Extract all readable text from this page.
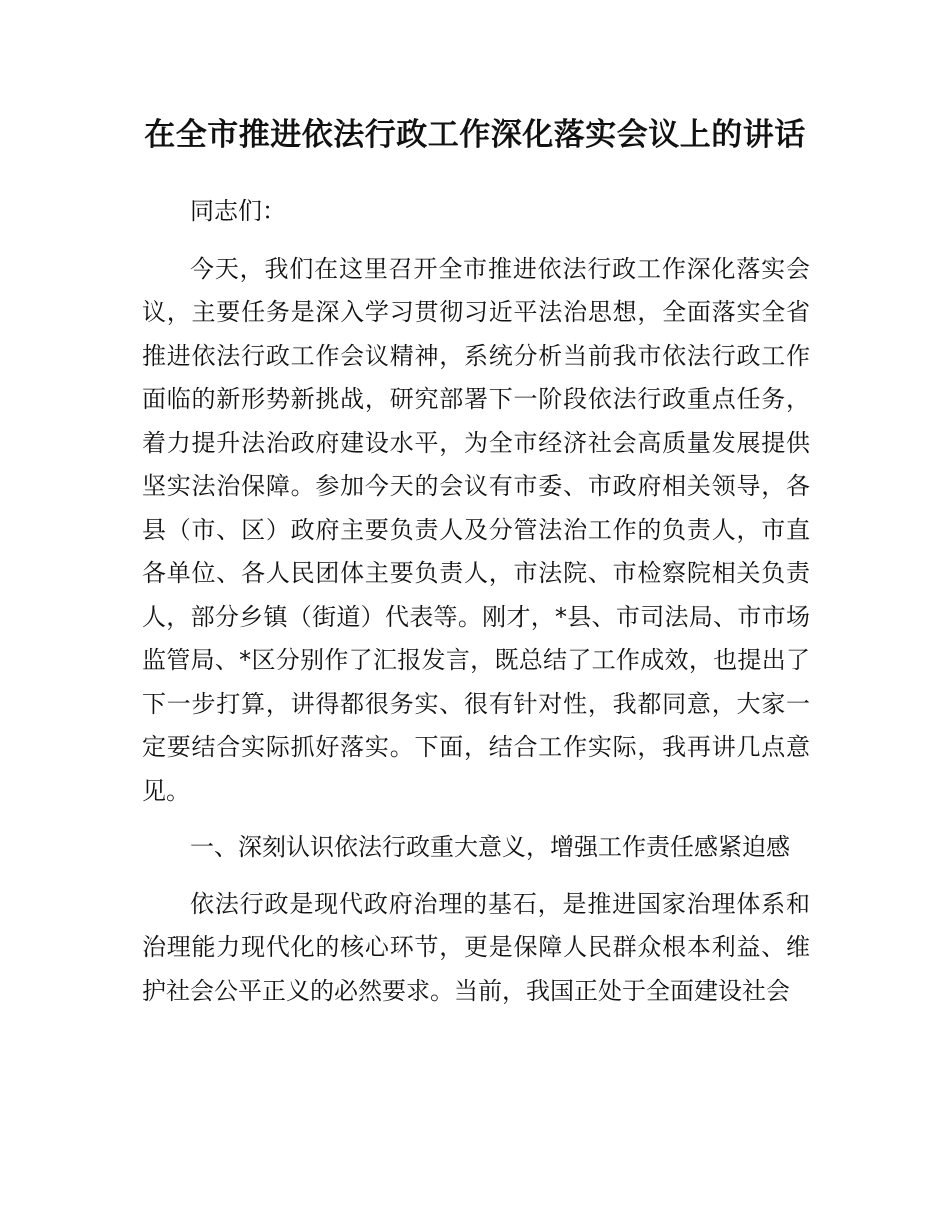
在全市推进依法行政工作深化落实会议上的讲话

同志们：

今天，我们在这里召开全市推进依法行政工作深化落实会议，主要任务是深入学习贯彻习近平法治思想，全面落实全省推进依法行政工作会议精神，系统分析当前我市依法行政工作面临的新形势新挑战，研究部署下一阶段依法行政重点任务，着力提升法治政府建设水平，为全市经济社会高质量发展提供坚实法治保障。参加今天的会议有市委、市政府相关领导，各县（市、区）政府主要负责人及分管法治工作的负责人，市直各单位、各人民团体主要负责人，市法院、市检察院相关负责人，部分乡镇（街道）代表等。刚才，*县、市司法局、市市场监管局、*区分别作了汇报发言，既总结了工作成效，也提出了下一步打算，讲得都很务实、很有针对性，我都同意，大家一定要结合实际抓好落实。下面，结合工作实际，我再讲几点意见。

一、深刻认识依法行政重大意义，增强工作责任感紧迫感

依法行政是现代政府治理的基石，是推进国家治理体系和治理能力现代化的核心环节，更是保障人民群众根本利益、维护社会公平正义的必然要求。当前，我国正处于全面建设社会
